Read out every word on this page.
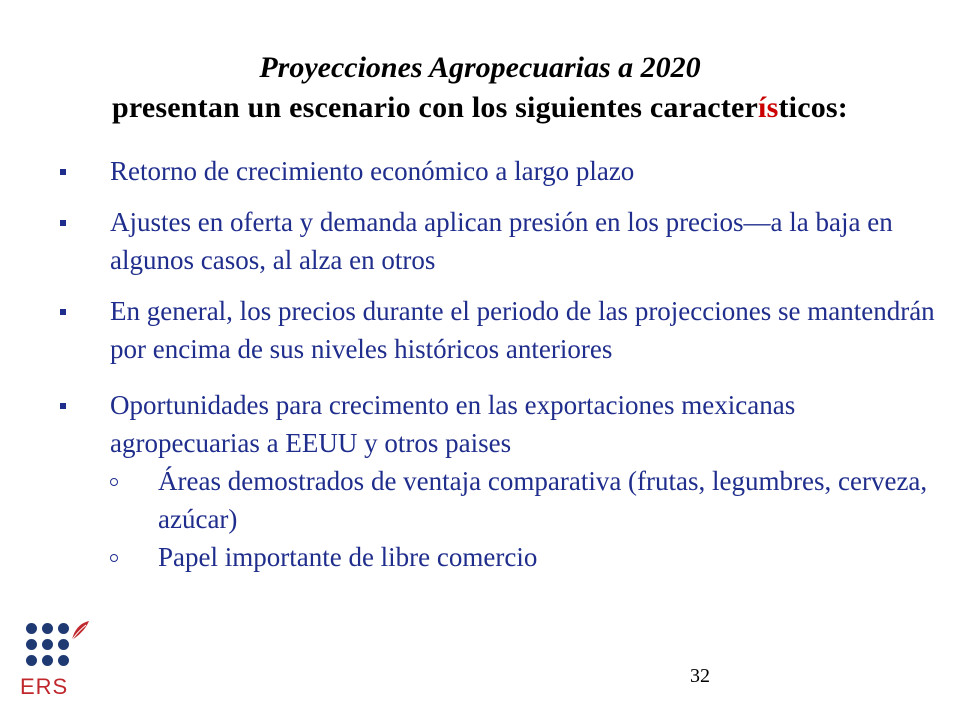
Proyecciones Agropecuarias a 2020
presentan un escenario con los siguientes característicos:
Retorno de crecimiento económico a largo plazo
Ajustes en oferta y demanda aplican presión en los precios—a la baja en algunos casos, al alza en otros
En general, los precios durante el periodo de las projecciones se mantendrán por encima de sus niveles históricos anteriores
Oportunidades para crecimento en las exportaciones mexicanas agropecuarias a EEUU y otros paises
Áreas demostrados de ventaja comparativa (frutas, legumbres, cerveza, azúcar)
Papel importante de libre comercio
ERS	32
